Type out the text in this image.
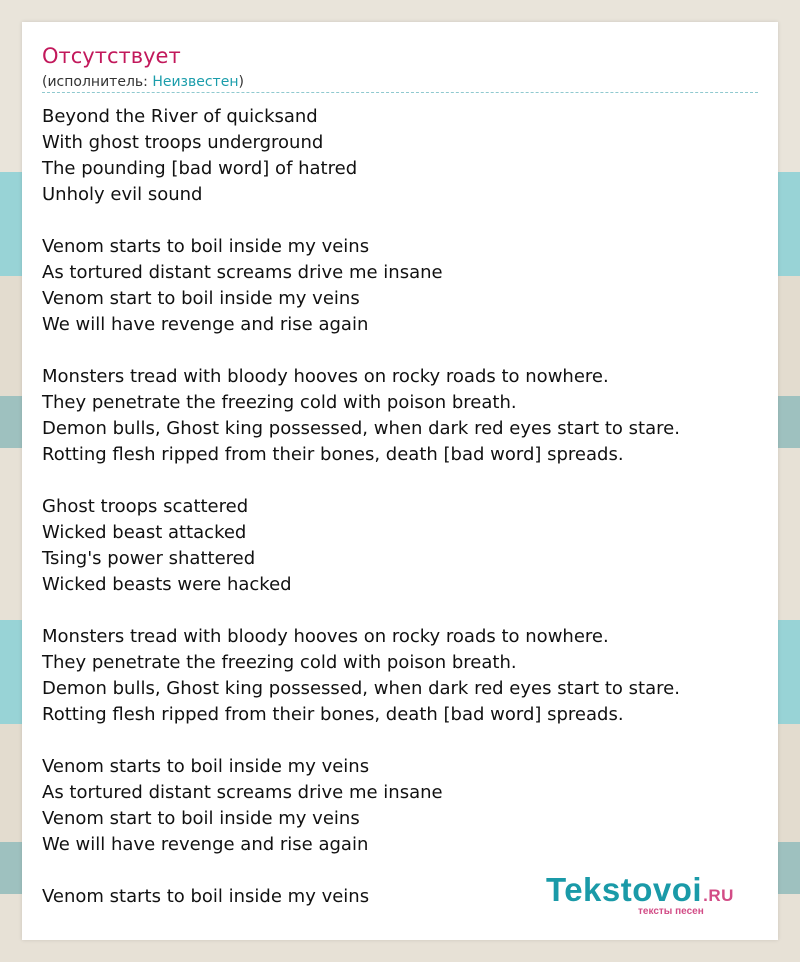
Отсутствует
(исполнитель: Неизвестен)
Beyond the River of quicksand
With ghost troops underground
The pounding [bad word] of hatred
Unholy evil sound
Venom starts to boil inside my veins
As tortured distant screams drive me insane
Venom start to boil inside my veins
We will have revenge and rise again
Monsters tread with bloody hooves on rocky roads to nowhere.
They penetrate the freezing cold with poison breath.
Demon bulls, Ghost king possessed, when dark red eyes start to stare.
Rotting flesh ripped from their bones, death [bad word] spreads.
Ghost troops scattered
Wicked beast attacked
Tsing's power shattered
Wicked beasts were hacked
Monsters tread with bloody hooves on rocky roads to nowhere.
They penetrate the freezing cold with poison breath.
Demon bulls, Ghost king possessed, when dark red eyes start to stare.
Rotting flesh ripped from their bones, death [bad word] spreads.
Venom starts to boil inside my veins
As tortured distant screams drive me insane
Venom start to boil inside my veins
We will have revenge and rise again
Venom starts to boil inside my veins	Tekstovoi.RU
тексты песен
